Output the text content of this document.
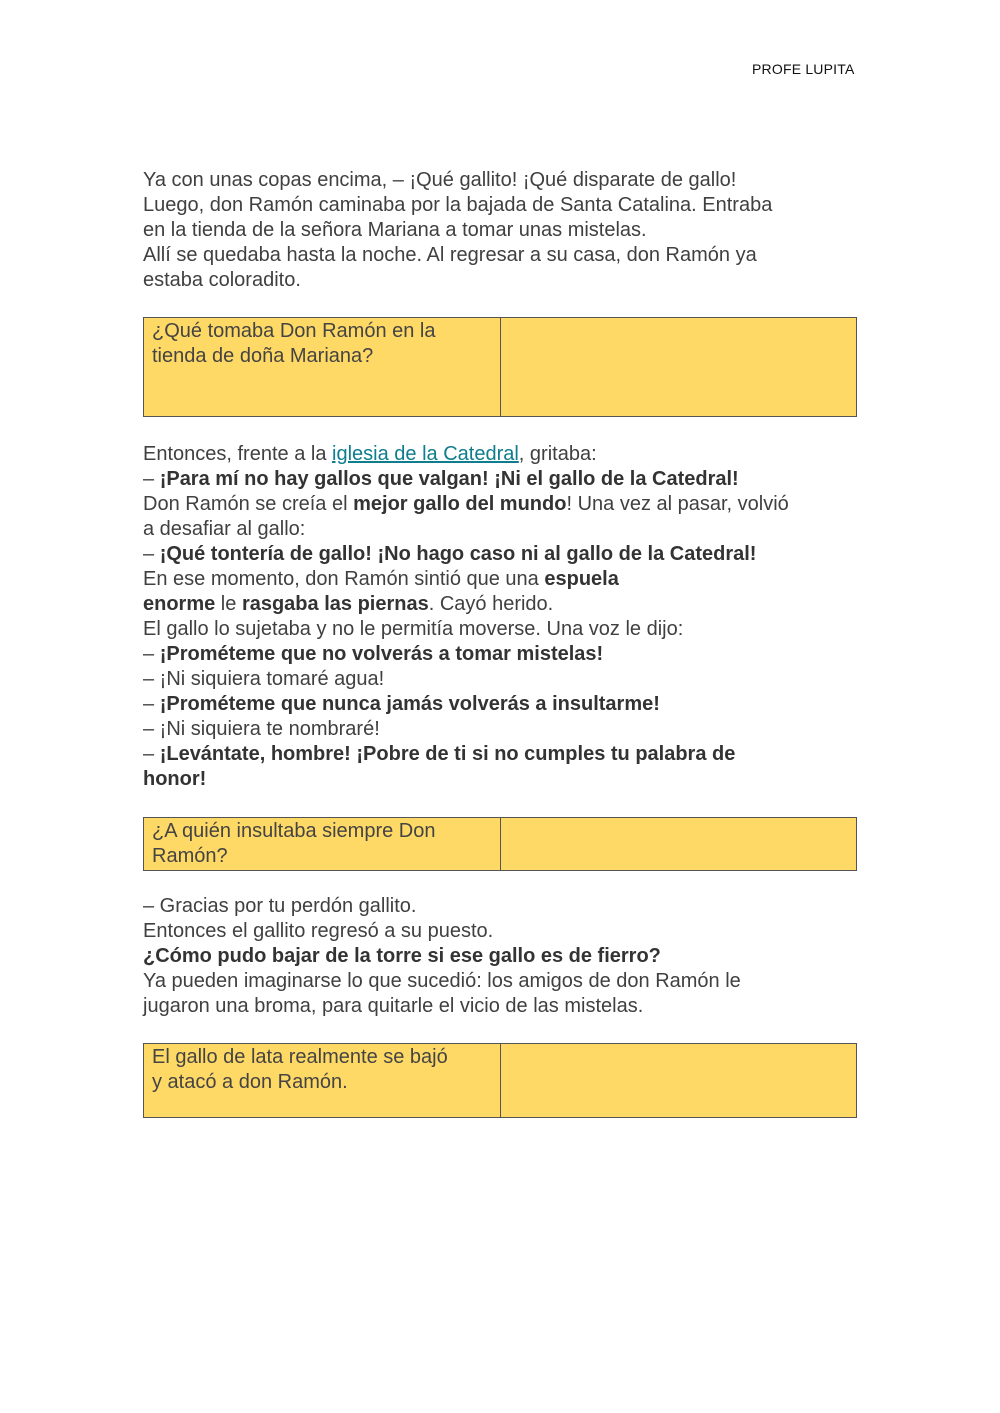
PROFE LUPITA

Ya con unas copas encima, – ¡Qué gallito! ¡Qué disparate de gallo!

Luego, don Ramón caminaba por la bajada de Santa Catalina. Entraba

en la tienda de la señora Mariana a tomar unas mistelas.

Allí se quedaba hasta la noche. Al regresar a su casa, don Ramón ya

estaba coloradito.

¿Qué tomaba Don Ramón en la
tienda de doña Mariana?

Entonces, frente a la iglesia de la Catedral, gritaba:

– ¡Para mí no hay gallos que valgan! ¡Ni el gallo de la Catedral!

Don Ramón se creía el mejor gallo del mundo! Una vez al pasar, volvió

a desafiar al gallo:

– ¡Qué tontería de gallo! ¡No hago caso ni al gallo de la Catedral!

En ese momento, don Ramón sintió que una espuela

enorme le rasgaba las piernas. Cayó herido.

El gallo lo sujetaba y no le permitía moverse. Una voz le dijo:

– ¡Prométeme que no volverás a tomar mistelas!

– ¡Ni siquiera tomaré agua!

– ¡Prométeme que nunca jamás volverás a insultarme!

– ¡Ni siquiera te nombraré!

– ¡Levántate, hombre! ¡Pobre de ti si no cumples tu palabra de

honor!

¿A quién insultaba siempre Don
Ramón?

– Gracias por tu perdón gallito.

Entonces el gallito regresó a su puesto.

¿Cómo pudo bajar de la torre si ese gallo es de fierro?

Ya pueden imaginarse lo que sucedió: los amigos de don Ramón le

jugaron una broma, para quitarle el vicio de las mistelas.

El gallo de lata realmente se bajó
y atacó a don Ramón.
